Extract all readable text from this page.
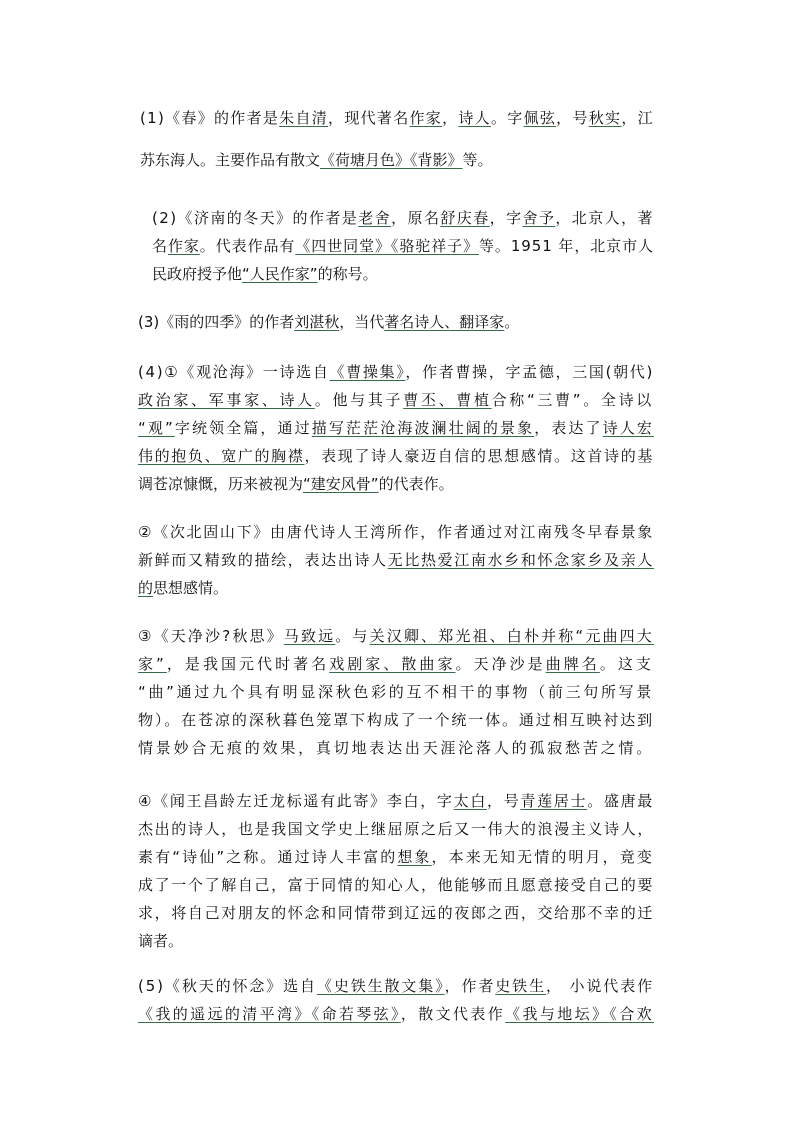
(1)《春》的作者是朱自清，现代著名作家，诗人。字佩弦，号秋实，江
苏东海人。主要作品有散文《荷塘月色》《背影》等。
(2)《济南的冬天》的作者是老舍，原名舒庆春，字舍予，北京人，著
名作家。代表作品有《四世同堂》《骆驼祥子》等。1951 年，北京市人
民政府授予他“人民作家”的称号。
(3)《雨的四季》的作者刘湛秋，当代著名诗人、翻译家。
(4)①《观沧海》一诗选自《曹操集》，作者曹操，字孟德，三国(朝代)
政治家、军事家、诗人。他与其子曹丕、曹植合称“三曹”。全诗以
“观”字统领全篇，通过描写茫茫沧海波澜壮阔的景象，表达了诗人宏
伟的抱负、宽广的胸襟，表现了诗人豪迈自信的思想感情。这首诗的基
调苍凉慷慨，历来被视为“建安风骨”的代表作。
②《次北固山下》由唐代诗人王湾所作，作者通过对江南残冬早春景象
新鲜而又精致的描绘，表达出诗人无比热爱江南水乡和怀念家乡及亲人
的思想感情。
③《天净沙?秋思》马致远。与关汉卿、郑光祖、白朴并称“元曲四大
家”，是我国元代时著名戏剧家、散曲家。天净沙是曲牌名。这支
“曲”通过九个具有明显深秋色彩的互不相干的事物（前三句所写景
物）。在苍凉的深秋暮色笼罩下构成了一个统一体。通过相互映衬达到
情景妙合无痕的效果，真切地表达出天涯沦落人的孤寂愁苦之情。
④《闻王昌龄左迁龙标遥有此寄》李白，字太白，号青莲居士。盛唐最
杰出的诗人，也是我国文学史上继屈原之后又一伟大的浪漫主义诗人，
素有“诗仙”之称。通过诗人丰富的想象，本来无知无情的明月，竟变
成了一个了解自己，富于同情的知心人，他能够而且愿意接受自己的要
求，将自己对朋友的怀念和同情带到辽远的夜郎之西，交给那不幸的迁
谪者。
(5)《秋天的怀念》选自《史铁生散文集》，作者史铁生， 小说代表作
《我的遥远的清平湾》《命若琴弦》，散文代表作《我与地坛》《合欢
